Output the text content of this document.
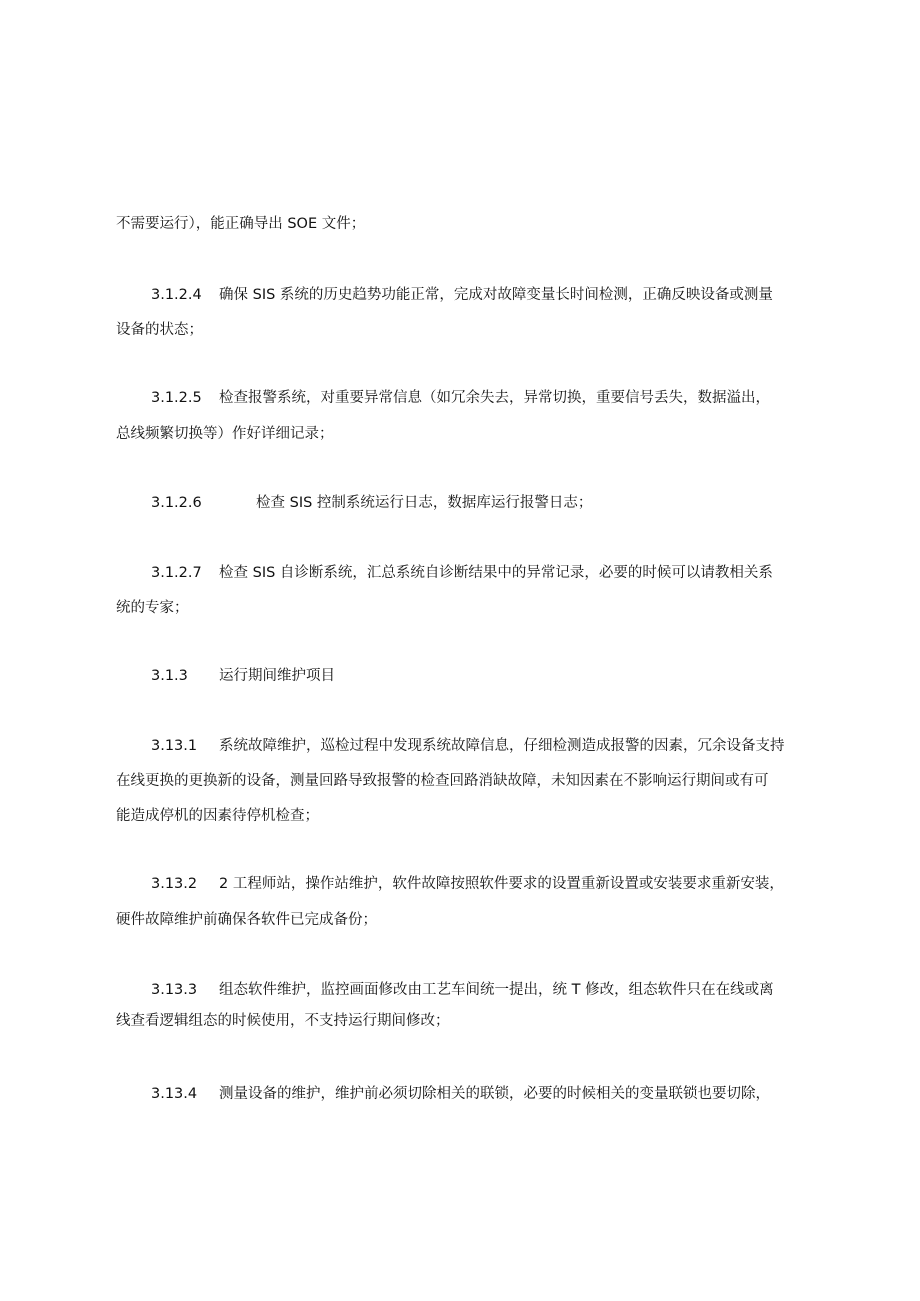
不需要运行），能正确导出 SOE 文件；
3.1.2.4 确保 SIS 系统的历史趋势功能正常，完成对故障变量长时间检测，正确反映设备或测量
设备的状态；
3.1.2.5 检查报警系统，对重要异常信息（如冗余失去，异常切换，重要信号丢失，数据溢出，
总线频繁切换等）作好详细记录；
3.1.2.6	检查 SIS 控制系统运行日志，数据库运行报警日志；
3.1.2.7 检查 SIS 自诊断系统，汇总系统自诊断结果中的异常记录，必要的时候可以请教相关系
统的专家；
3.1.3 运行期间维护项目
3.13.1 系统故障维护，巡检过程中发现系统故障信息，仔细检测造成报警的因素，冗余设备支持
在线更换的更换新的设备，测量回路导致报警的检查回路消缺故障，未知因素在不影响运行期间或有可
能造成停机的因素待停机检查；
3.13.2 2 工程师站，操作站维护，软件故障按照软件要求的设置重新设置或安装要求重新安装，
硬件故障维护前确保各软件已完成备份；
3.13.3 组态软件维护，监控画面修改由工艺车间统一提出，统 T 修改，组态软件只在在线或离
线查看逻辑组态的时候使用，不支持运行期间修改；
3.13.4 测量设备的维护，维护前必须切除相关的联锁，必要的时候相关的变量联锁也要切除，
